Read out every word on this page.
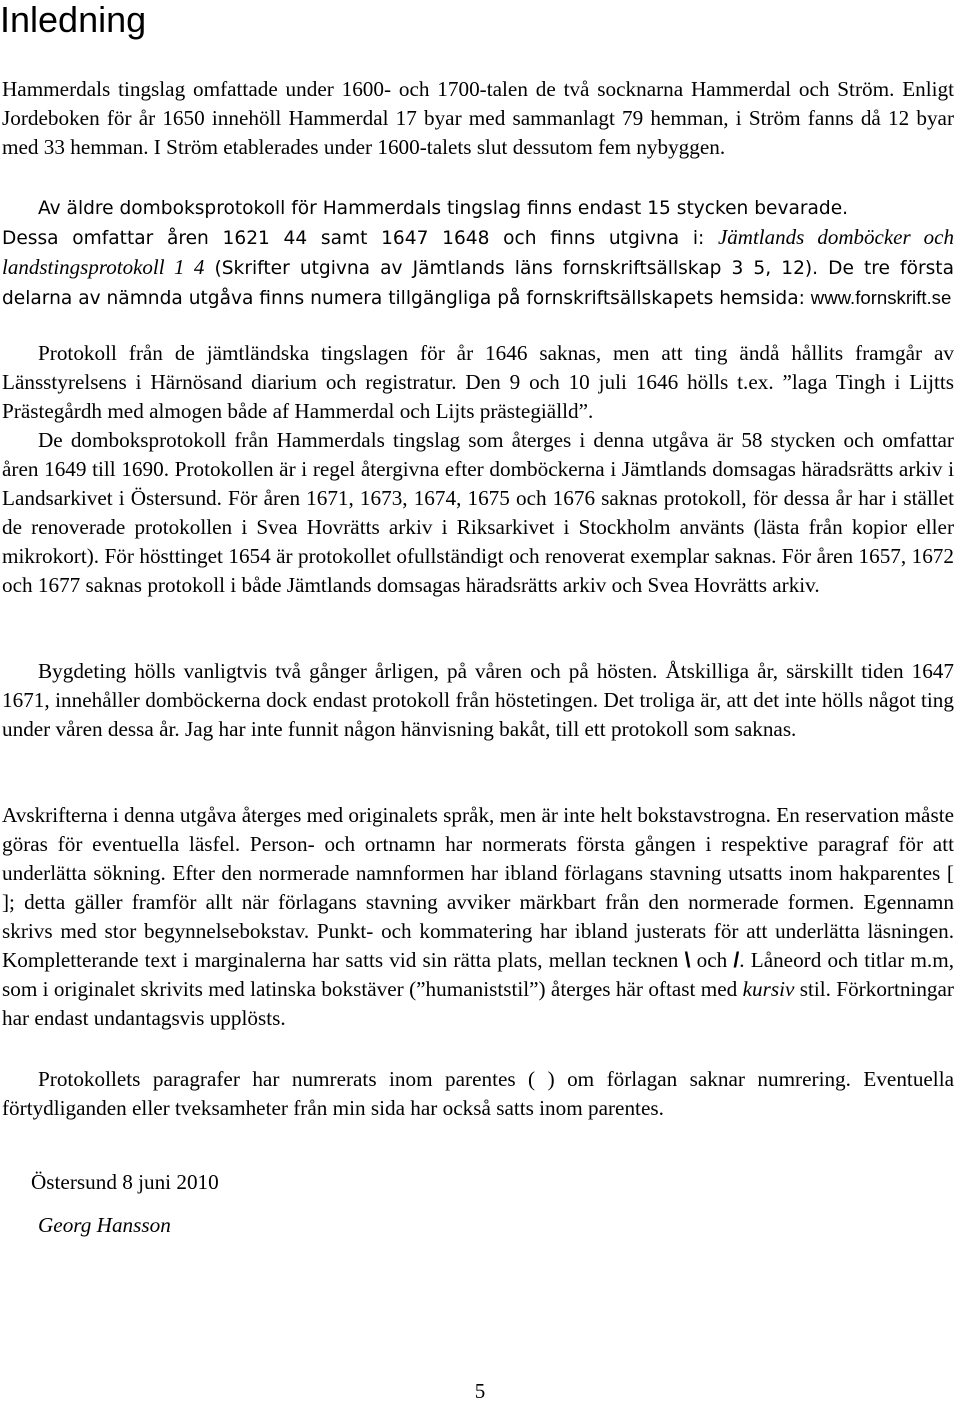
Inledning

Hammerdals tingslag omfattade under 1600- och 1700-talen de två socknarna Hammerdal och Ström. Enligt Jordeboken för år 1650 innehöll Hammerdal 17 byar med sammanlagt 79 hemman, i Ström fanns då 12 byar med 33 hemman. I Ström etablerades under 1600-talets slut dessutom fem nybyggen.

Av äldre domboksprotokoll för Hammerdals tingslag finns endast 15 stycken bevarade.

Dessa omfattar åren 1621 44 samt 1647 1648 och finns utgivna i: Jämtlands domböcker och landstingsprotokoll 1 4 (Skrifter utgivna av Jämtlands läns fornskriftsällskap 3 5, 12). De tre första delarna av nämnda utgåva finns numera tillgängliga på fornskriftsällskapets hemsida: www.fornskrift.se

Protokoll från de jämtländska tingslagen för år 1646 saknas, men att ting ändå hållits framgår av Länsstyrelsens i Härnösand diarium och registratur. Den 9 och 10 juli 1646 hölls t.ex. ”laga Tingh i Lijtts Prästegårdh med almogen både af Hammerdal och Lijts prästegiälld”.

De domboksprotokoll från Hammerdals tingslag som återges i denna utgåva är 58 stycken och omfattar åren 1649 till 1690. Protokollen är i regel återgivna efter domböckerna i Jämtlands domsagas häradsrätts arkiv i Landsarkivet i Östersund. För åren 1671, 1673, 1674, 1675 och 1676 saknas protokoll, för dessa år har i stället de renoverade protokollen i Svea Hovrätts arkiv i Riksarkivet i Stockholm använts (lästa från kopior eller mikrokort). För hösttinget 1654 är protokollet ofullständigt och renoverat exemplar saknas. För åren 1657, 1672 och 1677 saknas protokoll i både Jämtlands domsagas häradsrätts arkiv och Svea Hovrätts arkiv.

Bygdeting hölls vanligtvis två gånger årligen, på våren och på hösten. Åtskilliga år, särskillt tiden 1647 1671, innehåller domböckerna dock endast protokoll från höstetingen. Det troliga är, att det inte hölls något ting under våren dessa år. Jag har inte funnit någon hänvisning bakåt, till ett protokoll som saknas.

Avskrifterna i denna utgåva återges med originalets språk, men är inte helt bokstavstrogna. En reservation måste göras för eventuella läsfel. Person- och ortnamn har normerats första gången i respektive paragraf för att underlätta sökning. Efter den normerade namnformen har ibland förlagans stavning utsatts inom hakparentes [ ]; detta gäller framför allt när förlagans stavning avviker märkbart från den normerade formen. Egennamn skrivs med stor begynnelsebokstav. Punkt- och kommatering har ibland justerats för att underlätta läsningen. Kompletterande text i marginalerna har satts vid sin rätta plats, mellan tecknen \ och /. Låneord och titlar m.m, som i originalet skrivits med latinska bokstäver (”humaniststil”) återges här oftast med kursiv stil. Förkortningar har endast undantagsvis upplösts.

Protokollets paragrafer har numrerats inom parentes ( ) om förlagan saknar numrering. Eventuella förtydliganden eller tveksamheter från min sida har också satts inom parentes.

Östersund 8 juni 2010
Georg Hansson
5
